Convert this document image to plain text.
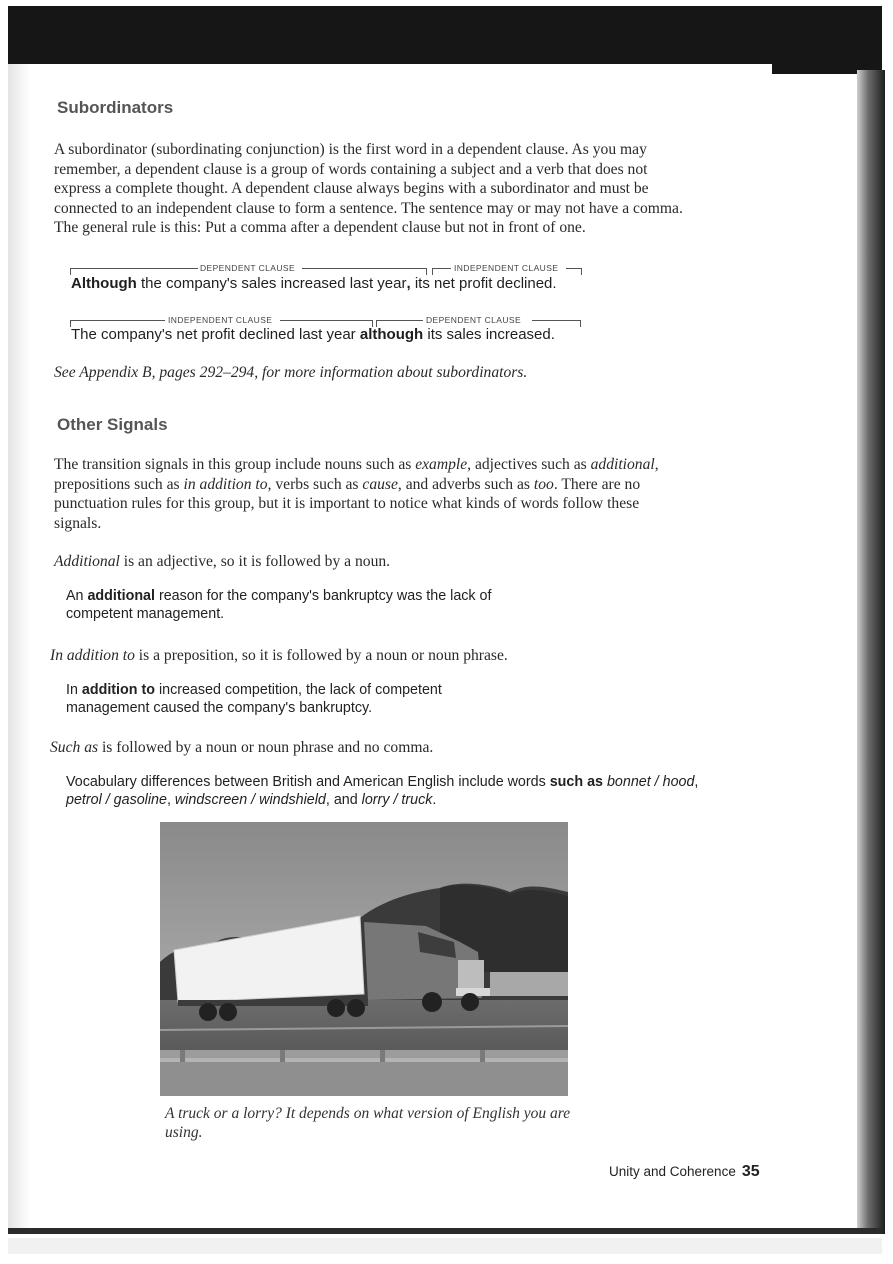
Subordinators

A subordinator (subordinating conjunction) is the first word in a dependent clause. As you may remember, a dependent clause is a group of words containing a subject and a verb that does not express a complete thought. A dependent clause always begins with a subordinator and must be connected to an independent clause to form a sentence. The sentence may or may not have a comma. The general rule is this: Put a comma after a dependent clause but not in front of one.

DEPENDENT CLAUSE	INDEPENDENT CLAUSE
Although the company's sales increased last year, its net profit declined.
INDEPENDENT CLAUSE	DEPENDENT CLAUSE
The company's net profit declined last year although its sales increased.
See Appendix B, pages 292–294, for more information about subordinators.
Other Signals

The transition signals in this group include nouns such as example, adjectives such as additional, prepositions such as in addition to, verbs such as cause, and adverbs such as too. There are no punctuation rules for this group, but it is important to notice what kinds of words follow these signals.

Additional is an adjective, so it is followed by a noun.

An additional reason for the company's bankruptcy was the lack of competent management.

In addition to is a preposition, so it is followed by a noun or noun phrase.

In addition to increased competition, the lack of competent management caused the company's bankruptcy.

Such as is followed by a noun or noun phrase and no comma.

Vocabulary differences between British and American English include words such as bonnet / hood, petrol / gasoline, windscreen / windshield, and lorry / truck.

A truck or a lorry? It depends on what version of English you are using.

Unity and Coherence 35
